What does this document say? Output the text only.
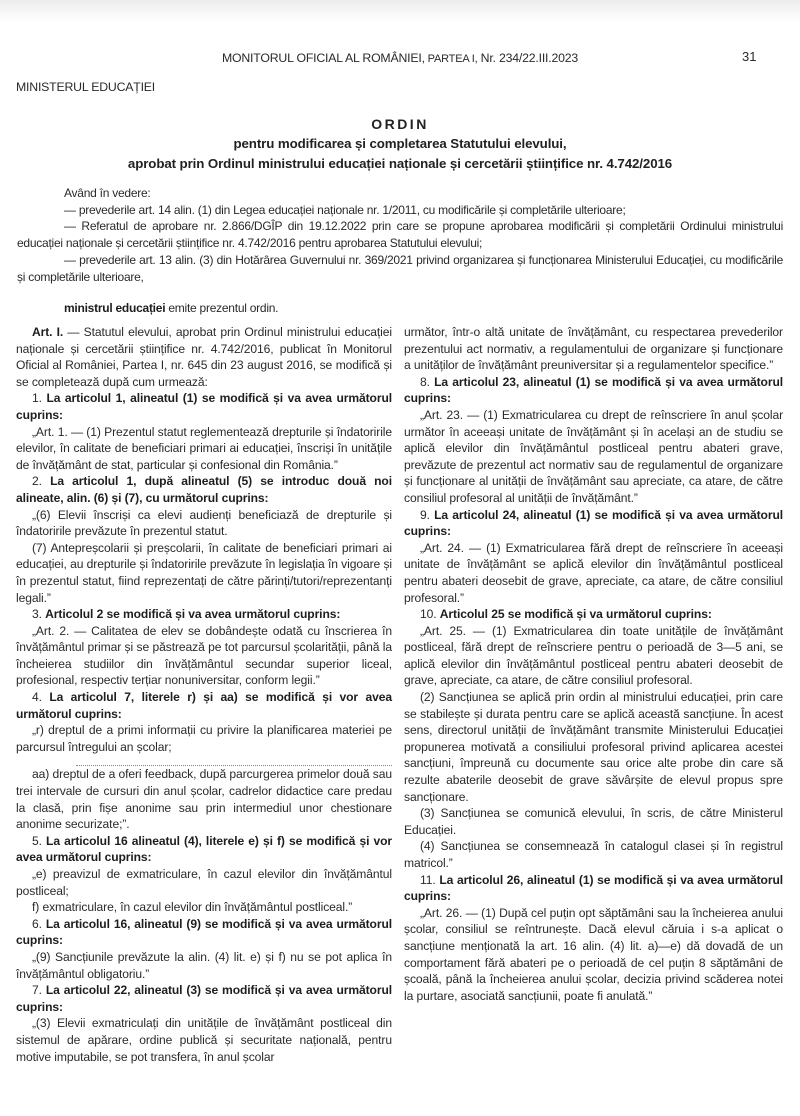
MONITORUL OFICIAL AL ROMÂNIEI, PARTEA I, Nr. 234/22.III.2023	31
MINISTERUL EDUCAȚIEI
ORDIN
pentru modificarea și completarea Statutului elevului,
aprobat prin Ordinul ministrului educației naționale și cercetării științifice nr. 4.742/2016

Având în vedere:

— prevederile art. 14 alin. (1) din Legea educației naționale nr. 1/2011, cu modificările și completările ulterioare;

— Referatul de aprobare nr. 2.866/DGÎP din 19.12.2022 prin care se propune aprobarea modificării și completării Ordinului ministrului educației naționale și cercetării științifice nr. 4.742/2016 pentru aprobarea Statutului elevului;

— prevederile art. 13 alin. (3) din Hotărârea Guvernului nr. 369/2021 privind organizarea și funcționarea Ministerului Educației, cu modificările și completările ulterioare,

ministrul educației emite prezentul ordin.

Art. I. — Statutul elevului, aprobat prin Ordinul ministrului educației naționale și cercetării științifice nr. 4.742/2016, publicat în Monitorul Oficial al României, Partea I, nr. 645 din 23 august 2016, se modifică și se completează după cum urmează:

1. La articolul 1, alineatul (1) se modifică și va avea următorul cuprins:

„Art. 1. — (1) Prezentul statut reglementează drepturile și îndatoririle elevilor, în calitate de beneficiari primari ai educației, înscriși în unitățile de învățământ de stat, particular și confesional din România.”

2. La articolul 1, după alineatul (5) se introduc două noi alineate, alin. (6) și (7), cu următorul cuprins:

„(6) Elevii înscriși ca elevi audienți beneficiază de drepturile și îndatoririle prevăzute în prezentul statut.

(7) Antepreșcolarii și preșcolarii, în calitate de beneficiari primari ai educației, au drepturile și îndatoririle prevăzute în legislația în vigoare și în prezentul statut, fiind reprezentați de către părinți/tutori/reprezentanți legali.”

3. Articolul 2 se modifică și va avea următorul cuprins:

„Art. 2. — Calitatea de elev se dobândește odată cu înscrierea în învățământul primar și se păstrează pe tot parcursul școlarității, până la încheierea studiilor din învățământul secundar superior liceal, profesional, respectiv terțiar nonuniversitar, conform legii.”

4. La articolul 7, literele r) și aa) se modifică și vor avea următorul cuprins:

„r) dreptul de a primi informații cu privire la planificarea materiei pe parcursul întregului an școlar;

aa) dreptul de a oferi feedback, după parcurgerea primelor două sau trei intervale de cursuri din anul școlar, cadrelor didactice care predau la clasă, prin fișe anonime sau prin intermediul unor chestionare anonime securizate;”.

5. La articolul 16 alineatul (4), literele e) și f) se modifică și vor avea următorul cuprins:

„e) preavizul de exmatriculare, în cazul elevilor din învățământul postliceal;

f) exmatriculare, în cazul elevilor din învățământul postliceal.”

6. La articolul 16, alineatul (9) se modifică și va avea următorul cuprins:

„(9) Sancțiunile prevăzute la alin. (4) lit. e) și f) nu se pot aplica în învățământul obligatoriu.”

7. La articolul 22, alineatul (3) se modifică și va avea următorul cuprins:

„(3) Elevii exmatriculați din unitățile de învățământ postliceal din sistemul de apărare, ordine publică și securitate națională, pentru motive imputabile, se pot transfera, în anul școlar

următor, într-o altă unitate de învățământ, cu respectarea prevederilor prezentului act normativ, a regulamentului de organizare și funcționare a unităților de învățământ preuniversitar și a regulamentelor specifice.”

8. La articolul 23, alineatul (1) se modifică și va avea următorul cuprins:

„Art. 23. — (1) Exmatricularea cu drept de reînscriere în anul școlar următor în aceeași unitate de învățământ și în același an de studiu se aplică elevilor din învățământul postliceal pentru abateri grave, prevăzute de prezentul act normativ sau de regulamentul de organizare și funcționare al unității de învățământ sau apreciate, ca atare, de către consiliul profesoral al unității de învățământ.”

9. La articolul 24, alineatul (1) se modifică și va avea următorul cuprins:

„Art. 24. — (1) Exmatricularea fără drept de reînscriere în aceeași unitate de învățământ se aplică elevilor din învățământul postliceal pentru abateri deosebit de grave, apreciate, ca atare, de către consiliul profesoral.”

10. Articolul 25 se modifică și va următorul cuprins:

„Art. 25. — (1) Exmatricularea din toate unitățile de învățământ postliceal, fără drept de reînscriere pentru o perioadă de 3—5 ani, se aplică elevilor din învățământul postliceal pentru abateri deosebit de grave, apreciate, ca atare, de către consiliul profesoral.

(2) Sancțiunea se aplică prin ordin al ministrului educației, prin care se stabilește și durata pentru care se aplică această sancțiune. În acest sens, directorul unității de învățământ transmite Ministerului Educației propunerea motivată a consiliului profesoral privind aplicarea acestei sancțiuni, împreună cu documente sau orice alte probe din care să rezulte abaterile deosebit de grave săvârșite de elevul propus spre sancționare.

(3) Sancțiunea se comunică elevului, în scris, de către Ministerul Educației.

(4) Sancțiunea se consemnează în catalogul clasei și în registrul matricol.”

11. La articolul 26, alineatul (1) se modifică și va avea următorul cuprins:

„Art. 26. — (1) După cel puțin opt săptămâni sau la încheierea anului școlar, consiliul se reîntrunește. Dacă elevul căruia i s-a aplicat o sancțiune menționată la art. 16 alin. (4) lit. a)—e) dă dovadă de un comportament fără abateri pe o perioadă de cel puțin 8 săptămâni de școală, până la încheierea anului școlar, decizia privind scăderea notei la purtare, asociată sancțiunii, poate fi anulată.”
